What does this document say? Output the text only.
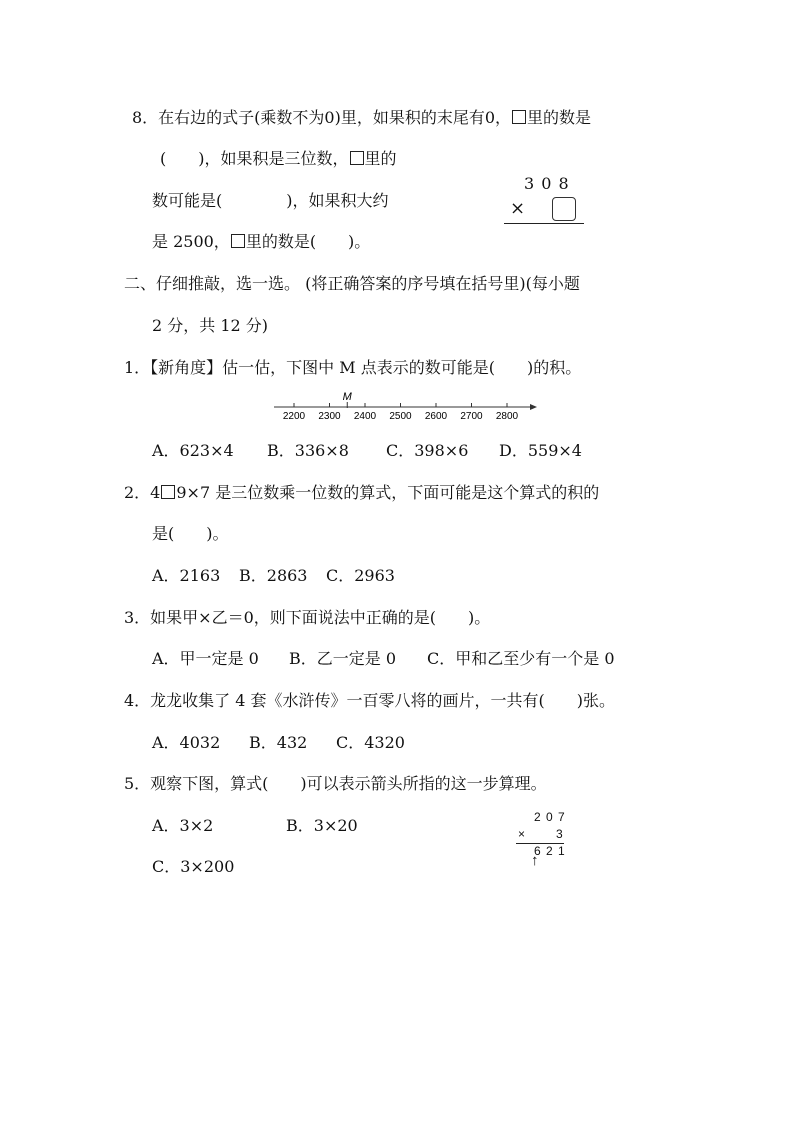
8．在右边的式子(乘数不为0)里，如果积的末尾有0， 里的数是
(　　)，如果积是三位数， 里的
数可能是(　　　　)，如果积大约
是 2500， 里的数是(　　)。
3 0 8
×
二、仔细推敲，选一选。 (将正确答案的序号填在括号里)(每小题
2 分，共 12 分)
1．【新角度】估一估，下图中 M 点表示的数可能是(　　)的积。
2200 2300 2400 2500 2600 2700 2800
M
A．623×4 B．336×8 C．398×6 D．559×4
2．4 9×7 是三位数乘一位数的算式，下面可能是这个算式的积的
是(　　)。
A．2163 B．2863 C．2963
3．如果甲×乙＝0，则下面说法中正确的是(　　)。
A．甲一定是 0 B．乙一定是 0 C．甲和乙至少有一个是 0
4．龙龙收集了 4 套《水浒传》一百零八将的画片，一共有(　　)张。
A．4032 B．432 C．4320
5．观察下图，算式(　　)可以表示箭头所指的这一步算理。
A．3×2	B．3×20
C．3×200
2 0 7
×	3
6 2 1
↑
